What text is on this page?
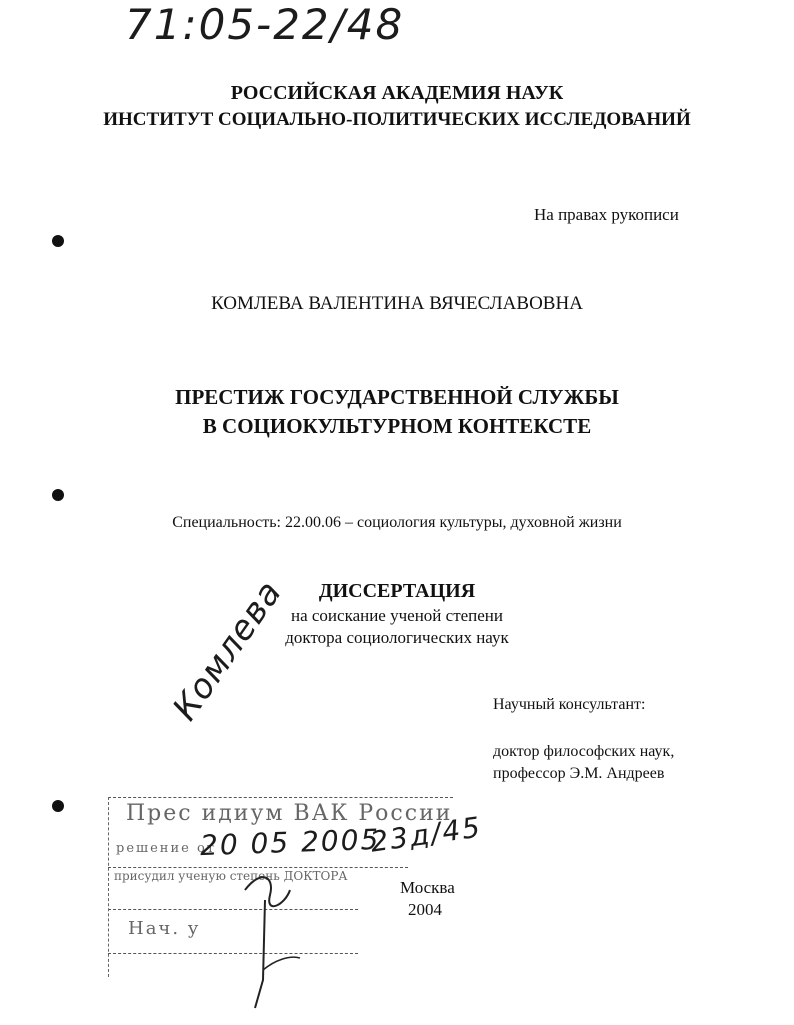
71:05-22/48
РОССИЙСКАЯ АКАДЕМИЯ НАУК
ИНСТИТУТ СОЦИАЛЬНО-ПОЛИТИЧЕСКИХ ИССЛЕДОВАНИЙ
На правах рукописи
КОМЛЕВА ВАЛЕНТИНА ВЯЧЕСЛАВОВНА
ПРЕСТИЖ ГОСУДАРСТВЕННОЙ СЛУЖБЫ
В СОЦИОКУЛЬТУРНОМ КОНТЕКСТЕ
Специальность: 22.00.06 – социология культуры, духовной жизни
ДИССЕРТАЦИЯ
на соискание ученой степени
доктора социологических наук
Научный консультант:
доктор философских наук,
профессор Э.М. Андреев
Прес идиум ВАК России
решение от
присудил ученую степень ДОКТОРА
Нач. у
20 05 2005
23д/45
Комлева
Москва
2004
